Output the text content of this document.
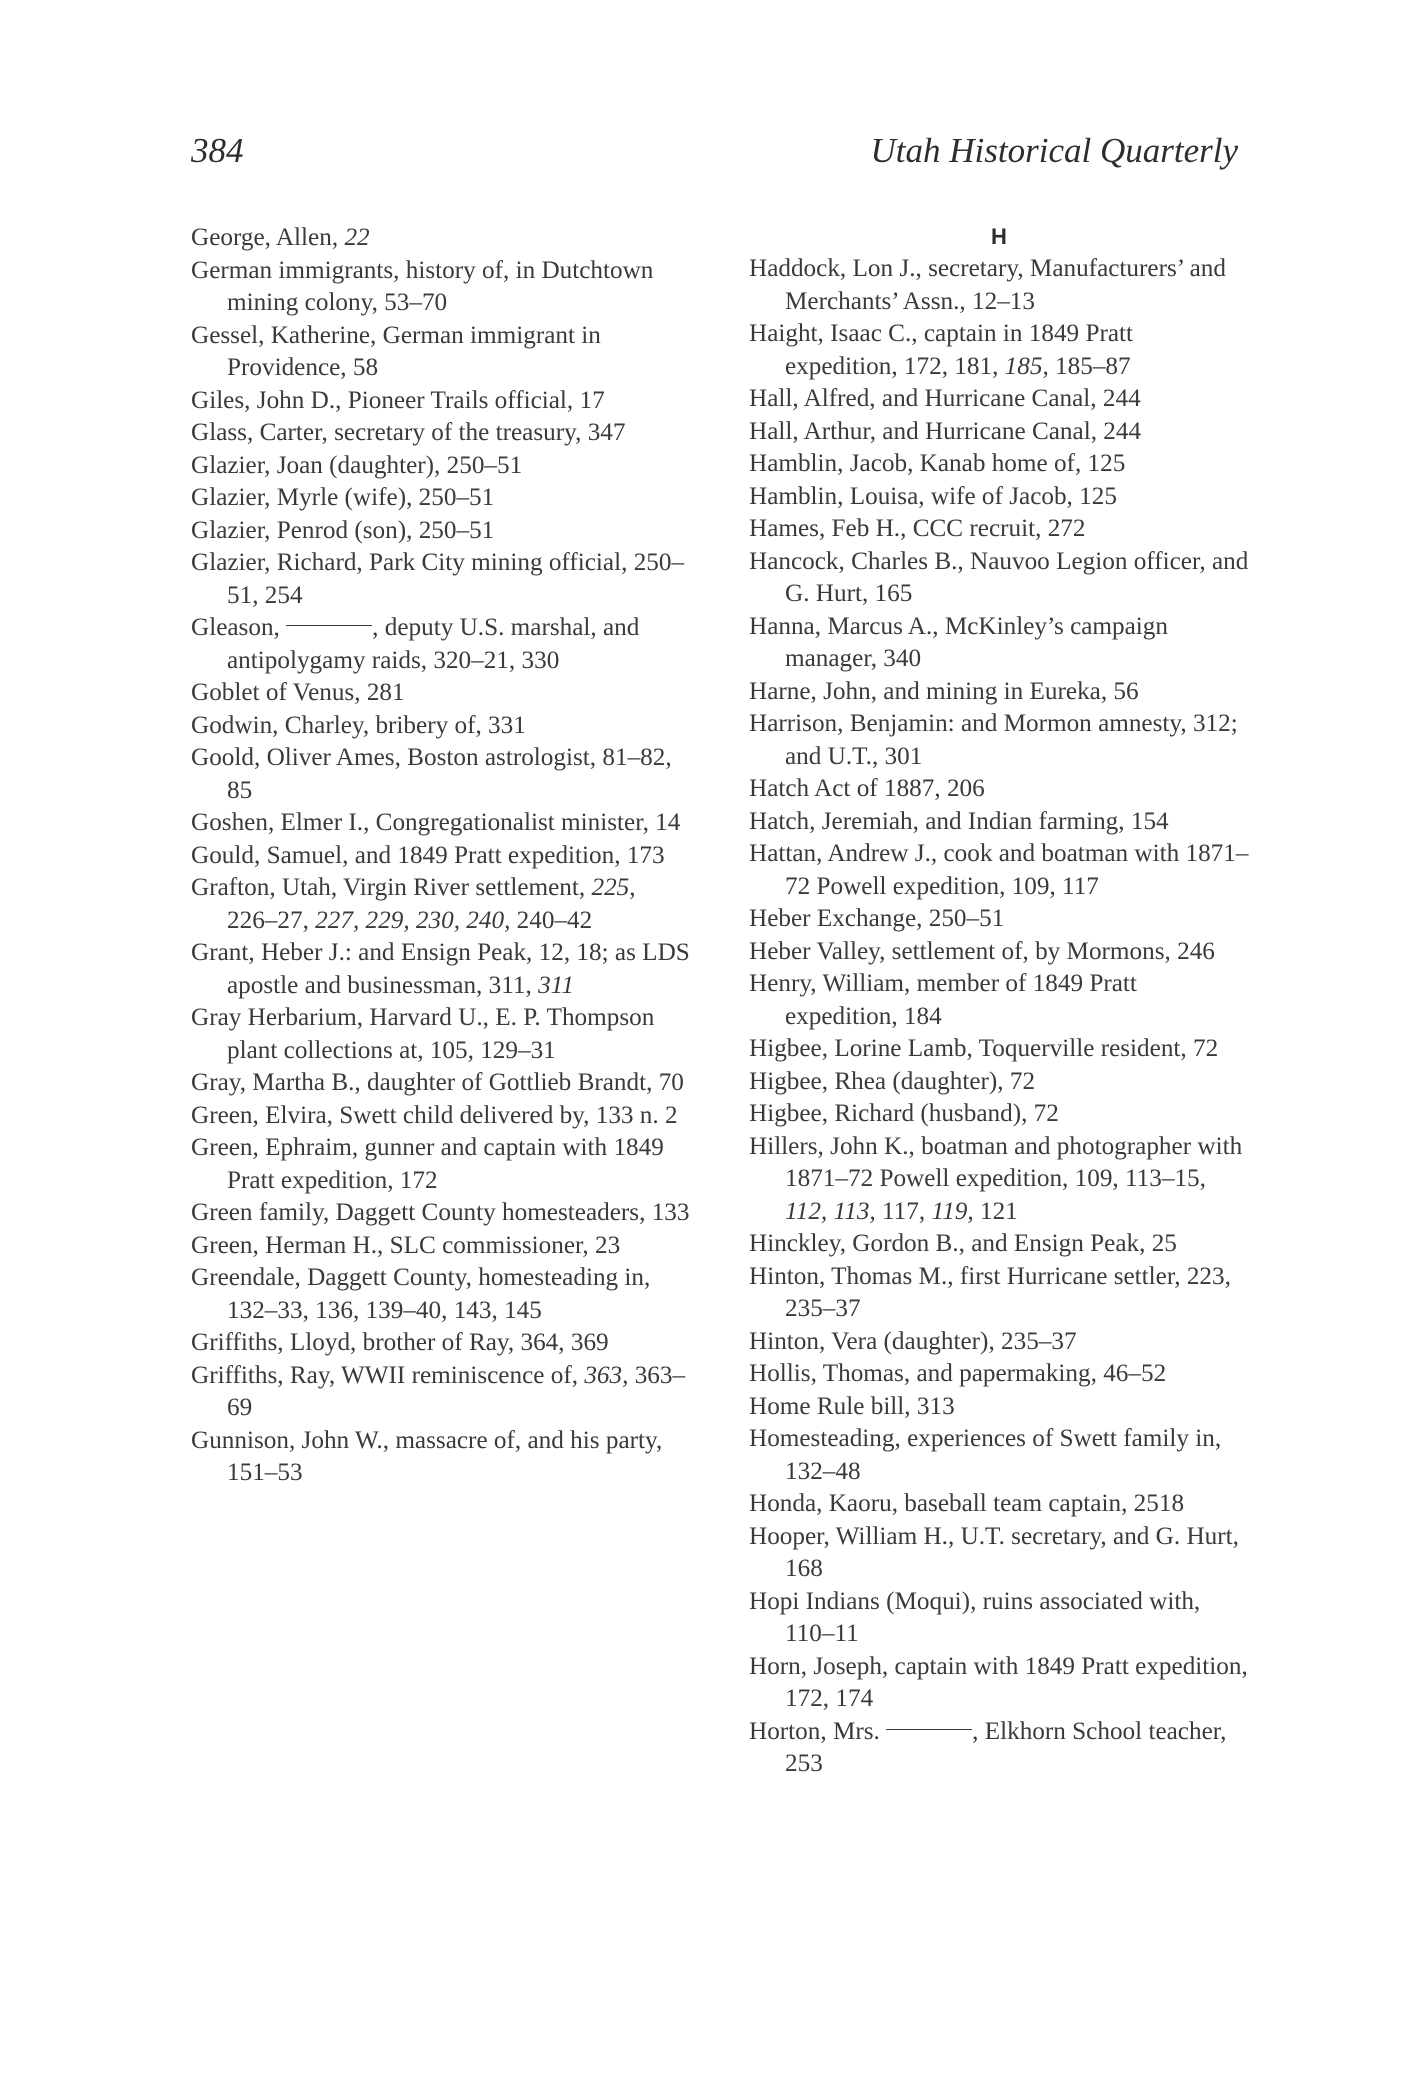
384	Utah Historical Quarterly

George, Allen, 22

German immigrants, history of, in Dutchtown mining colony, 53–70

Gessel, Katherine, German immigrant in Providence, 58

Giles, John D., Pioneer Trails official, 17

Glass, Carter, secretary of the treasury, 347

Glazier, Joan (daughter), 250–51

Glazier, Myrle (wife), 250–51

Glazier, Penrod (son), 250–51

Glazier, Richard, Park City mining official, 250–51, 254

Gleason,	, deputy U.S. marshal, and antipolygamy raids, 320–21, 330

Goblet of Venus, 281

Godwin, Charley, bribery of, 331

Goold, Oliver Ames, Boston astrologist, 81–82, 85

Goshen, Elmer I., Congregationalist minister, 14

Gould, Samuel, and 1849 Pratt expedition, 173

Grafton, Utah, Virgin River settlement, 225, 226–27, 227, 229, 230, 240, 240–42

Grant, Heber J.: and Ensign Peak, 12, 18; as LDS apostle and businessman, 311, 311

Gray Herbarium, Harvard U., E. P. Thompson plant collections at, 105, 129–31

Gray, Martha B., daughter of Gottlieb Brandt, 70

Green, Elvira, Swett child delivered by, 133 n. 2

Green, Ephraim, gunner and captain with 1849 Pratt expedition, 172

Green family, Daggett County homesteaders, 133

Green, Herman H., SLC commissioner, 23

Greendale, Daggett County, homesteading in, 132–33, 136, 139–40, 143, 145

Griffiths, Lloyd, brother of Ray, 364, 369

Griffiths, Ray, WWII reminiscence of, 363, 363–69

Gunnison, John W., massacre of, and his party, 151–53

H

Haddock, Lon J., secretary, Manufacturers’ and Merchants’ Assn., 12–13

Haight, Isaac C., captain in 1849 Pratt expedition, 172, 181, 185, 185–87

Hall, Alfred, and Hurricane Canal, 244

Hall, Arthur, and Hurricane Canal, 244

Hamblin, Jacob, Kanab home of, 125

Hamblin, Louisa, wife of Jacob, 125

Hames, Feb H., CCC recruit, 272

Hancock, Charles B., Nauvoo Legion officer, and G. Hurt, 165

Hanna, Marcus A., McKinley’s campaign manager, 340

Harne, John, and mining in Eureka, 56

Harrison, Benjamin: and Mormon amnesty, 312; and U.T., 301

Hatch Act of 1887, 206

Hatch, Jeremiah, and Indian farming, 154

Hattan, Andrew J., cook and boatman with 1871–72 Powell expedition, 109, 117

Heber Exchange, 250–51

Heber Valley, settlement of, by Mormons, 246

Henry, William, member of 1849 Pratt expedition, 184

Higbee, Lorine Lamb, Toquerville resident, 72

Higbee, Rhea (daughter), 72

Higbee, Richard (husband), 72

Hillers, John K., boatman and photographer with 1871–72 Powell expedition, 109, 113–15, 112, 113, 117, 119, 121

Hinckley, Gordon B., and Ensign Peak, 25

Hinton, Thomas M., first Hurricane settler, 223, 235–37

Hinton, Vera (daughter), 235–37

Hollis, Thomas, and papermaking, 46–52

Home Rule bill, 313

Homesteading, experiences of Swett family in, 132–48

Honda, Kaoru, baseball team captain, 2518

Hooper, William H., U.T. secretary, and G. Hurt, 168

Hopi Indians (Moqui), ruins associated with, 110–11

Horn, Joseph, captain with 1849 Pratt expedition, 172, 174

Horton, Mrs.	, Elkhorn School teacher, 253
